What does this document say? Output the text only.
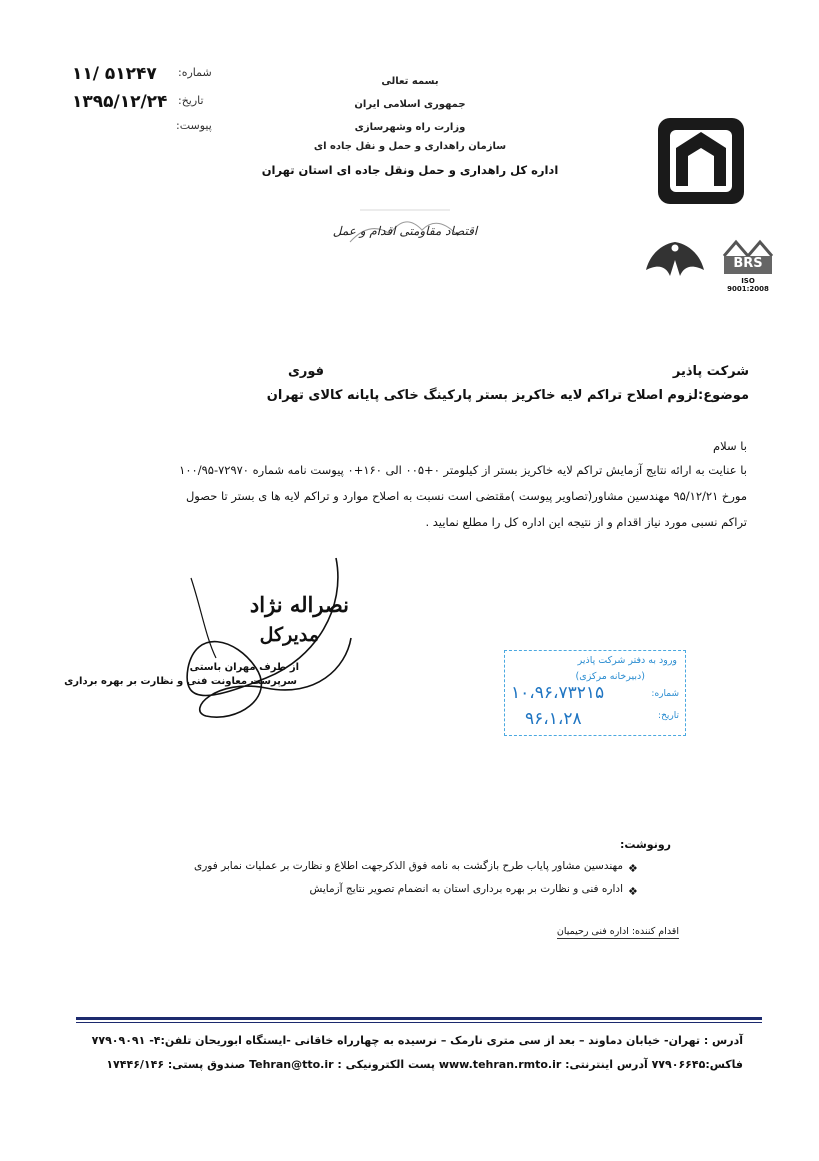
شماره:
۱۱/ ۵۱۲۴۷
تاریخ:
۱۳۹۵/۱۲/۲۴
پیوست:
بسمه تعالی
جمهوری اسلامی ایران
وزارت راه وشهرسازی
سازمان راهداری و حمل و نقل جاده ای
اداره کل راهداری و حمل ونقل جاده ای استان تهران
اقتصاد مقاومتی اقدام و عمل
BRS
ISO 9001:2008
شرکت پاذیر
فوری
موضوع:لزوم اصلاح تراکم لایه خاکریز بستر پارکینگ خاکی پایانه کالای تهران
با سلام
با عنایت به ارائه نتایج آزمایش تراکم لایه خاکریز بستر از کیلومتر ۰+۰۰۵ الی ۱۶۰+۰ پیوست نامه شماره ۷۲۹۷۰-۱۰۰/۹۵
مورخ ۹۵/۱۲/۲۱ مهندسین مشاور(تصاویر پیوست )مقتضی است نسبت به اصلاح موارد و تراکم لایه ها ی بستر تا حصول
تراکم نسبی مورد نیاز اقدام و از نتیجه این اداره کل را مطلع نمایید .
نصراله نژاد
مدیرکل
از طرف مهران باستی
سرپرست معاونت فنی و نظارت بر بهره برداری
ورود به دفتر شرکت پاذیر
(دبیرخانه مرکزی)
شماره:
۱۰،۹۶،۷۳۲۱۵
تاریخ:
۹۶،۱،۲۸
رونوشت:
❖
مهندسین مشاور پایاب طرح بازگشت به نامه فوق الذکرجهت اطلاع و نظارت بر عملیات نمابر فوری
❖
اداره فنی و نظارت بر بهره برداری استان به انضمام تصویر نتایج آزمایش
اقدام کننده: اداره فنی رحیمیان
آدرس : تهران- خیابان دماوند – بعد از سی متری نارمک – نرسیده به چهارراه خاقانی -ایستگاه ابوریحان تلفن:۴- ۷۷۹۰۹۰۹۱
فاکس:۷۷۹۰۶۶۴۵ آدرس اینترنتی: www.tehran.rmto.ir پست الکترونیکی : Tehran@tto.ir صندوق پستی: ۱۷۴۴۶/۱۴۶
